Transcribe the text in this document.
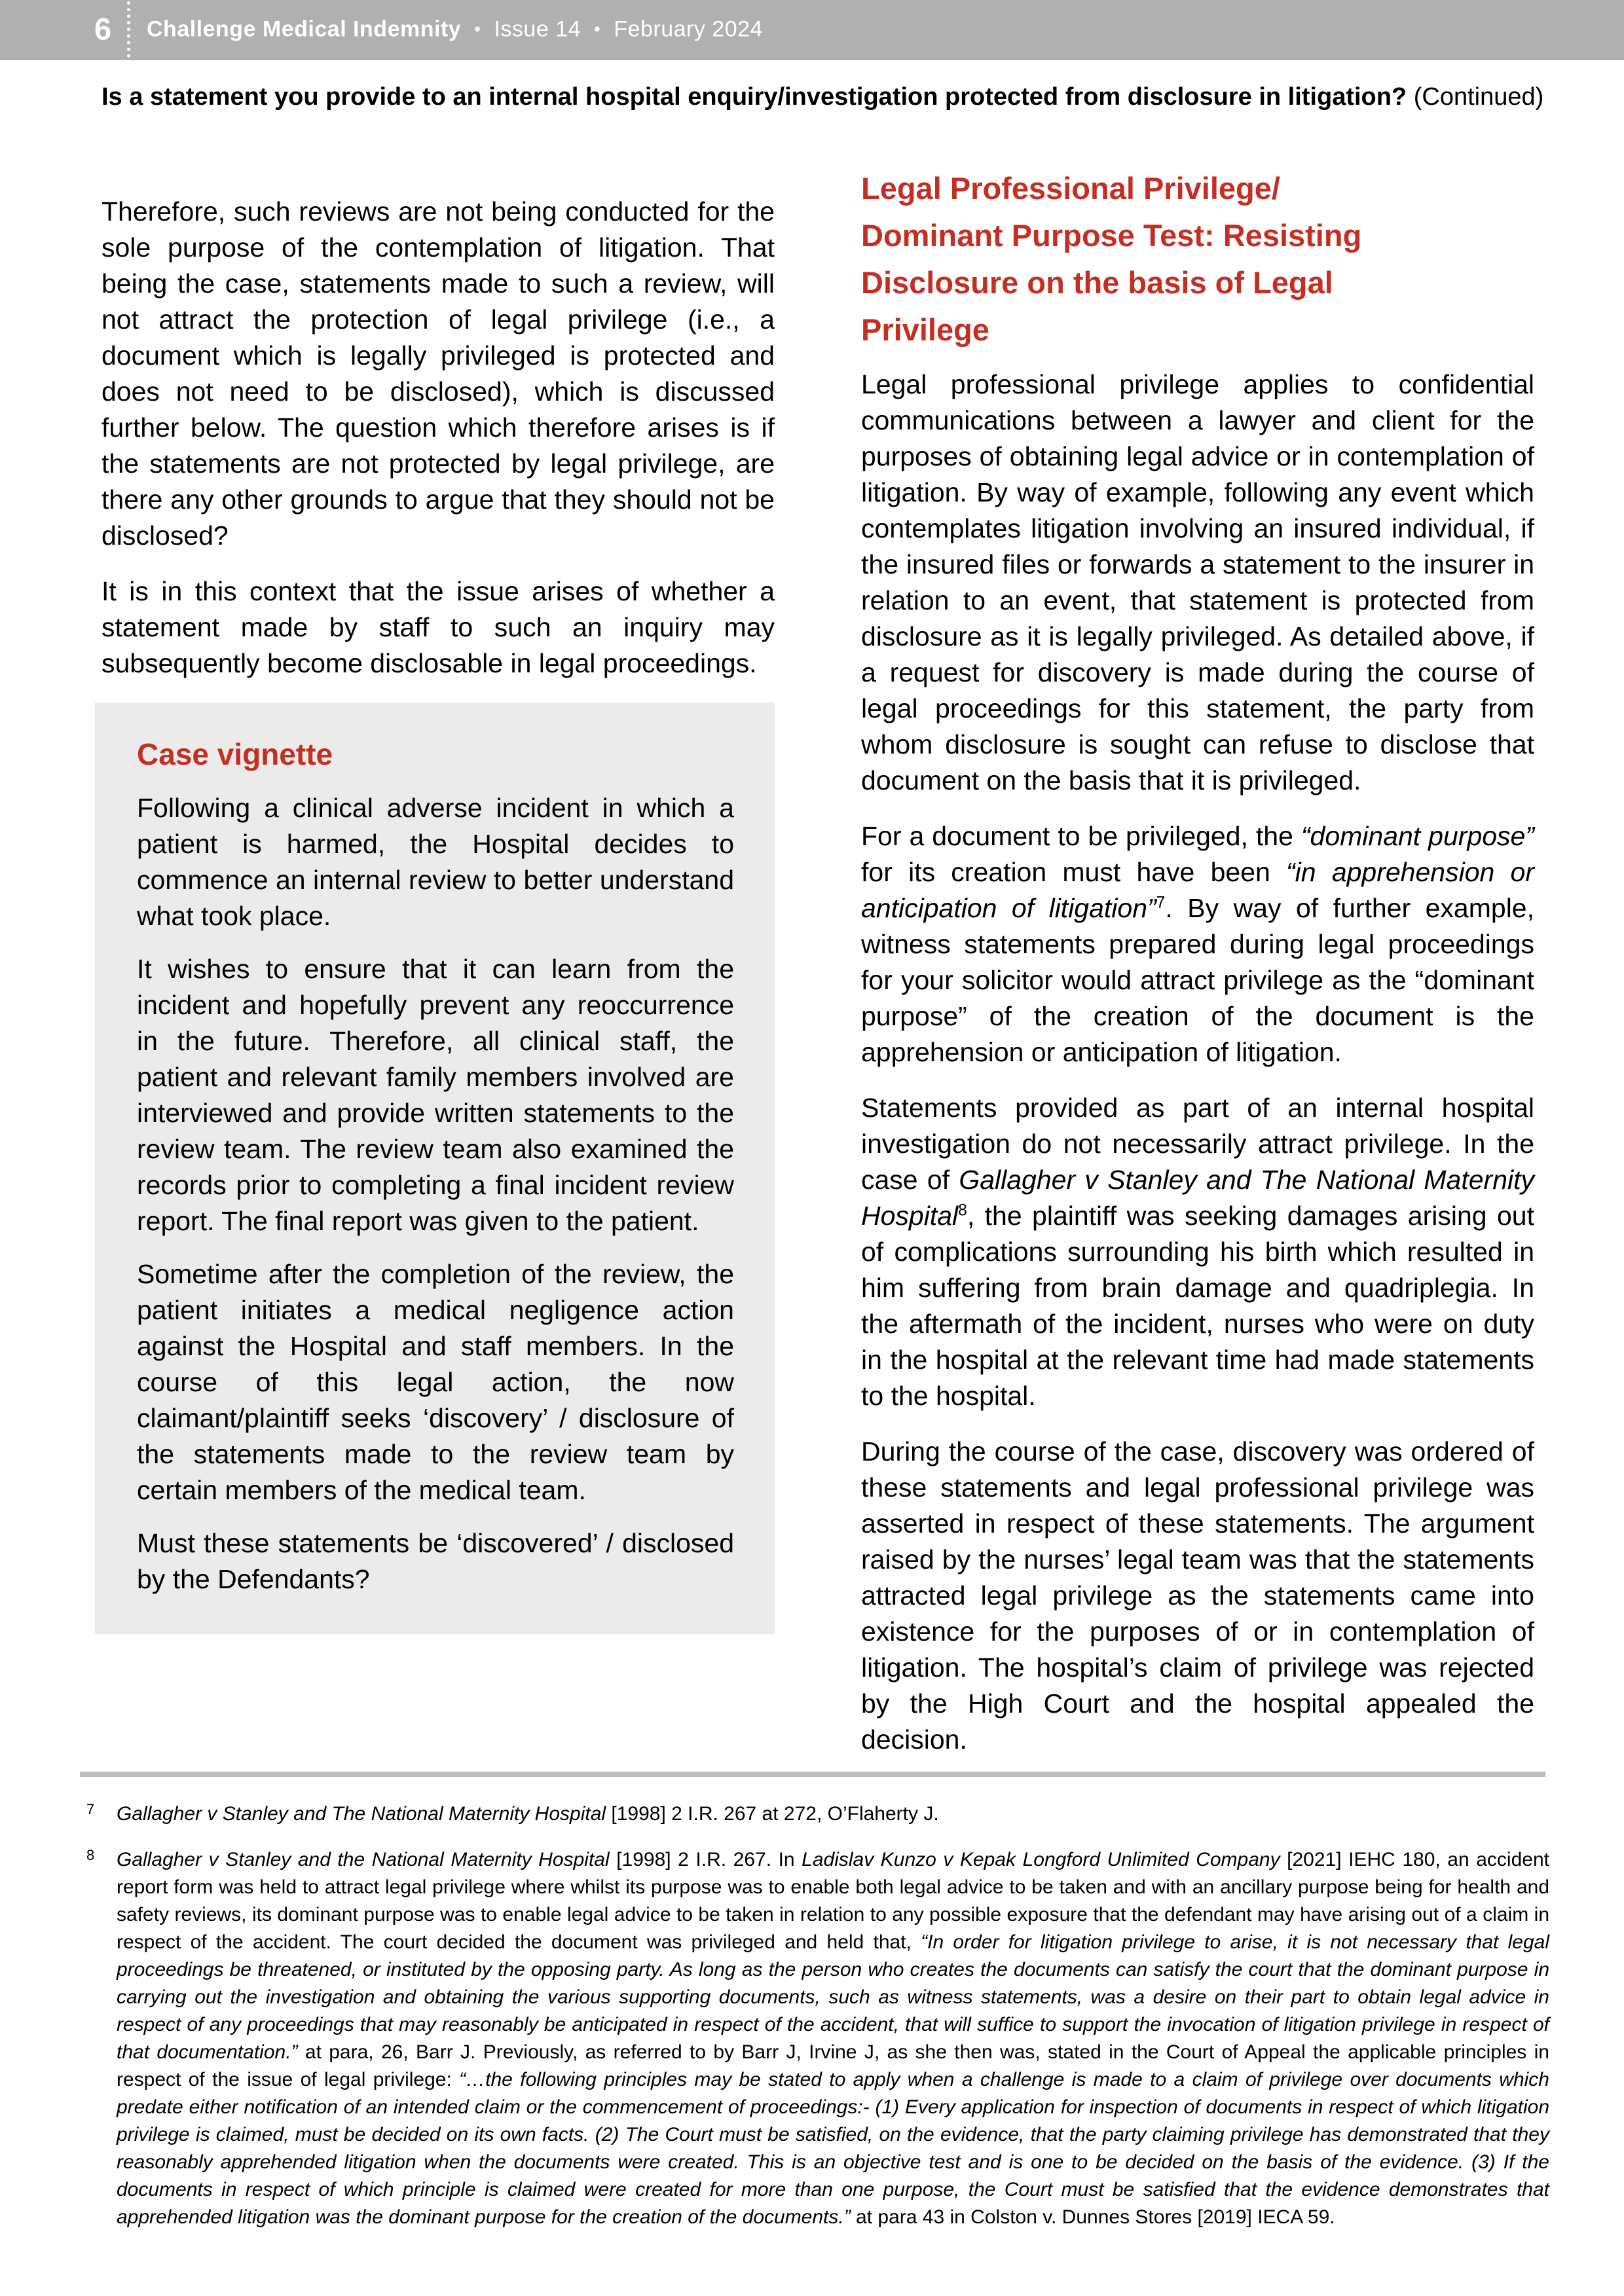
6 Challenge Medical Indemnity • Issue 14 • February 2024
Is a statement you provide to an internal hospital enquiry/investigation protected from disclosure in litigation? (Continued)

Therefore, such reviews are not being conducted for the sole purpose of the contemplation of litigation. That being the case, statements made to such a review, will not attract the protection of legal privilege (i.e., a document which is legally privileged is protected and does not need to be disclosed), which is discussed further below. The question which therefore arises is if the statements are not protected by legal privilege, are there any other grounds to argue that they should not be disclosed?

It is in this context that the issue arises of whether a statement made by staff to such an inquiry may subsequently become disclosable in legal proceedings.

Case vignette

Following a clinical adverse incident in which a patient is harmed, the Hospital decides to commence an internal review to better understand what took place.

It wishes to ensure that it can learn from the incident and hopefully prevent any reoccurrence in the future. Therefore, all clinical staff, the patient and relevant family members involved are interviewed and provide written statements to the review team. The review team also examined the records prior to completing a final incident review report. The final report was given to the patient.

Sometime after the completion of the review, the patient initiates a medical negligence action against the Hospital and staff members. In the course of this legal action, the now claimant/plaintiff seeks ‘discovery’ / disclosure of the statements made to the review team by certain members of the medical team.

Must these statements be ‘discovered’ / disclosed by the Defendants?

Legal Professional Privilege/
Dominant Purpose Test: Resisting
Disclosure on the basis of Legal
Privilege

Legal professional privilege applies to confidential communications between a lawyer and client for the purposes of obtaining legal advice or in contemplation of litigation. By way of example, following any event which contemplates litigation involving an insured individual, if the insured files or forwards a statement to the insurer in relation to an event, that statement is protected from disclosure as it is legally privileged. As detailed above, if a request for discovery is made during the course of legal proceedings for this statement, the party from whom disclosure is sought can refuse to disclose that document on the basis that it is privileged.

For a document to be privileged, the “dominant purpose” for its creation must have been “in apprehension or anticipation of litigation”$^7$. By way of further example, witness statements prepared during legal proceedings for your solicitor would attract privilege as the “dominant purpose” of the creation of the document is the apprehension or anticipation of litigation.

Statements provided as part of an internal hospital investigation do not necessarily attract privilege. In the case of Gallagher v Stanley and The National Maternity Hospital$^8$, the plaintiff was seeking damages arising out of complications surrounding his birth which resulted in him suffering from brain damage and quadriplegia. In the aftermath of the incident, nurses who were on duty in the hospital at the relevant time had made statements to the hospital.

During the course of the case, discovery was ordered of these statements and legal professional privilege was asserted in respect of these statements. The argument raised by the nurses’ legal team was that the statements attracted legal privilege as the statements came into existence for the purposes of or in contemplation of litigation. The hospital’s claim of privilege was rejected by the High Court and the hospital appealed the decision.

7 Gallagher v Stanley and The National Maternity Hospital [1998] 2 I.R. 267 at 272, O’Flaherty J.
8 Gallagher v Stanley and the National Maternity Hospital [1998] 2 I.R. 267. In Ladislav Kunzo v Kepak Longford Unlimited Company [2021] IEHC 180, an accident report form was held to attract legal privilege where whilst its purpose was to enable both legal advice to be taken and with an ancillary purpose being for health and safety reviews, its dominant purpose was to enable legal advice to be taken in relation to any possible exposure that the defendant may have arising out of a claim in respect of the accident. The court decided the document was privileged and held that, “In order for litigation privilege to arise, it is not necessary that legal proceedings be threatened, or instituted by the opposing party. As long as the person who creates the documents can satisfy the court that the dominant purpose in carrying out the investigation and obtaining the various supporting documents, such as witness statements, was a desire on their part to obtain legal advice in respect of any proceedings that may reasonably be anticipated in respect of the accident, that will suffice to support the invocation of litigation privilege in respect of that documentation.” at para, 26, Barr J. Previously, as referred to by Barr J, Irvine J, as she then was, stated in the Court of Appeal the applicable principles in respect of the issue of legal privilege: “…the following principles may be stated to apply when a challenge is made to a claim of privilege over documents which predate either notification of an intended claim or the commencement of proceedings:- (1) Every application for inspection of documents in respect of which litigation privilege is claimed, must be decided on its own facts. (2) The Court must be satisfied, on the evidence, that the party claiming privilege has demonstrated that they reasonably apprehended litigation when the documents were created. This is an objective test and is one to be decided on the basis of the evidence. (3) If the documents in respect of which principle is claimed were created for more than one purpose, the Court must be satisfied that the evidence demonstrates that apprehended litigation was the dominant purpose for the creation of the documents.” at para 43 in Colston v. Dunnes Stores [2019] IECA 59.
